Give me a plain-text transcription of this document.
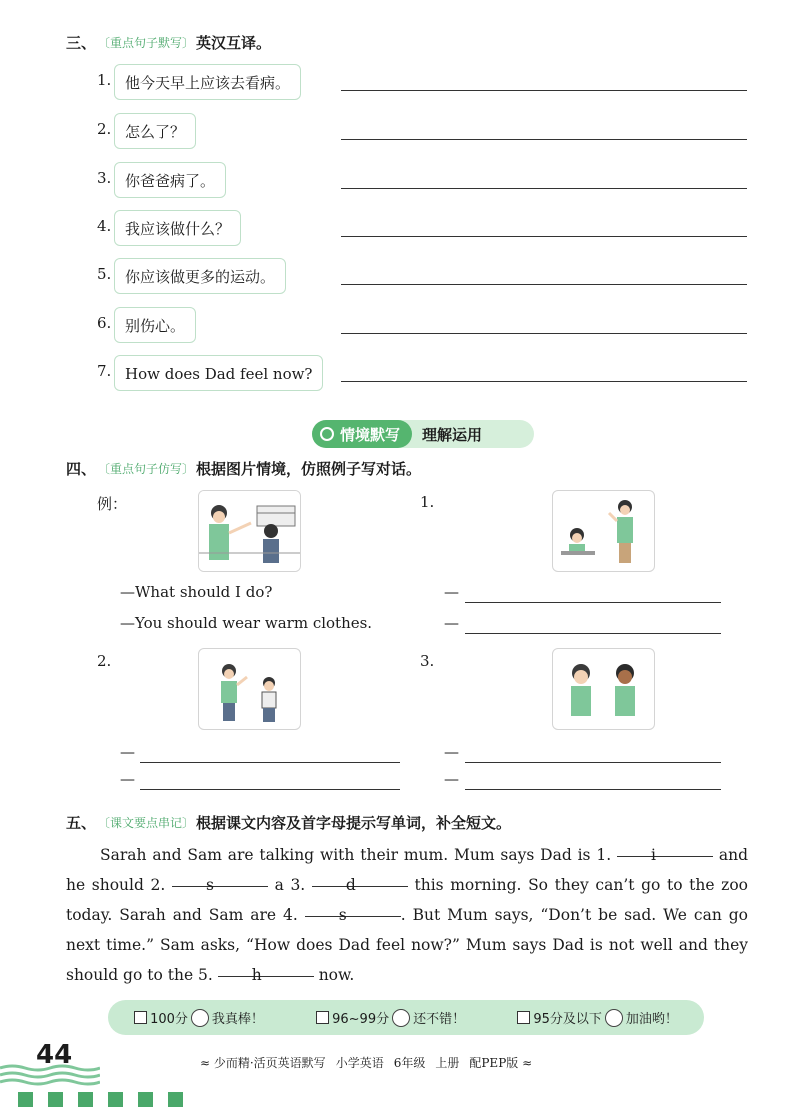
三、 〔重点句子默写〕 英汉互译。
1. 他今天早上应该去看病。
2. 怎么了？
3. 你爸爸病了。
4. 我应该做什么？
5. 你应该做更多的运动。
6. 别伤心。
7. How does Dad feel now?
情境默写	理解运用
四、 〔重点句子仿写〕 根据图片情境，仿照例子写对话。
例：	1.
—What should I do?
—You should wear warm clothes.
—
—
2.	3.
—
—
—
—
五、 〔课文要点串记〕 根据课文内容及首字母提示写单词，补全短文。
Sarah and Sam are talking with their mum. Mum says Dad is 1. i	and he should 2. s	a 3. d	this morning. So they can’t go to the zoo today. Sarah and Sam are 4. s	. But Mum says, “Don’t be sad. We can go next time.” Sam asks, “How does Dad feel now?” Mum says Dad is not well and they should go to the 5. h	now.
100分 我真棒！	96~99分 还不错！	95分及以下 加油哟！
44	≈ 少而精·活页英语默写 小学英语 6年级 上册 配PEP版 ≈
